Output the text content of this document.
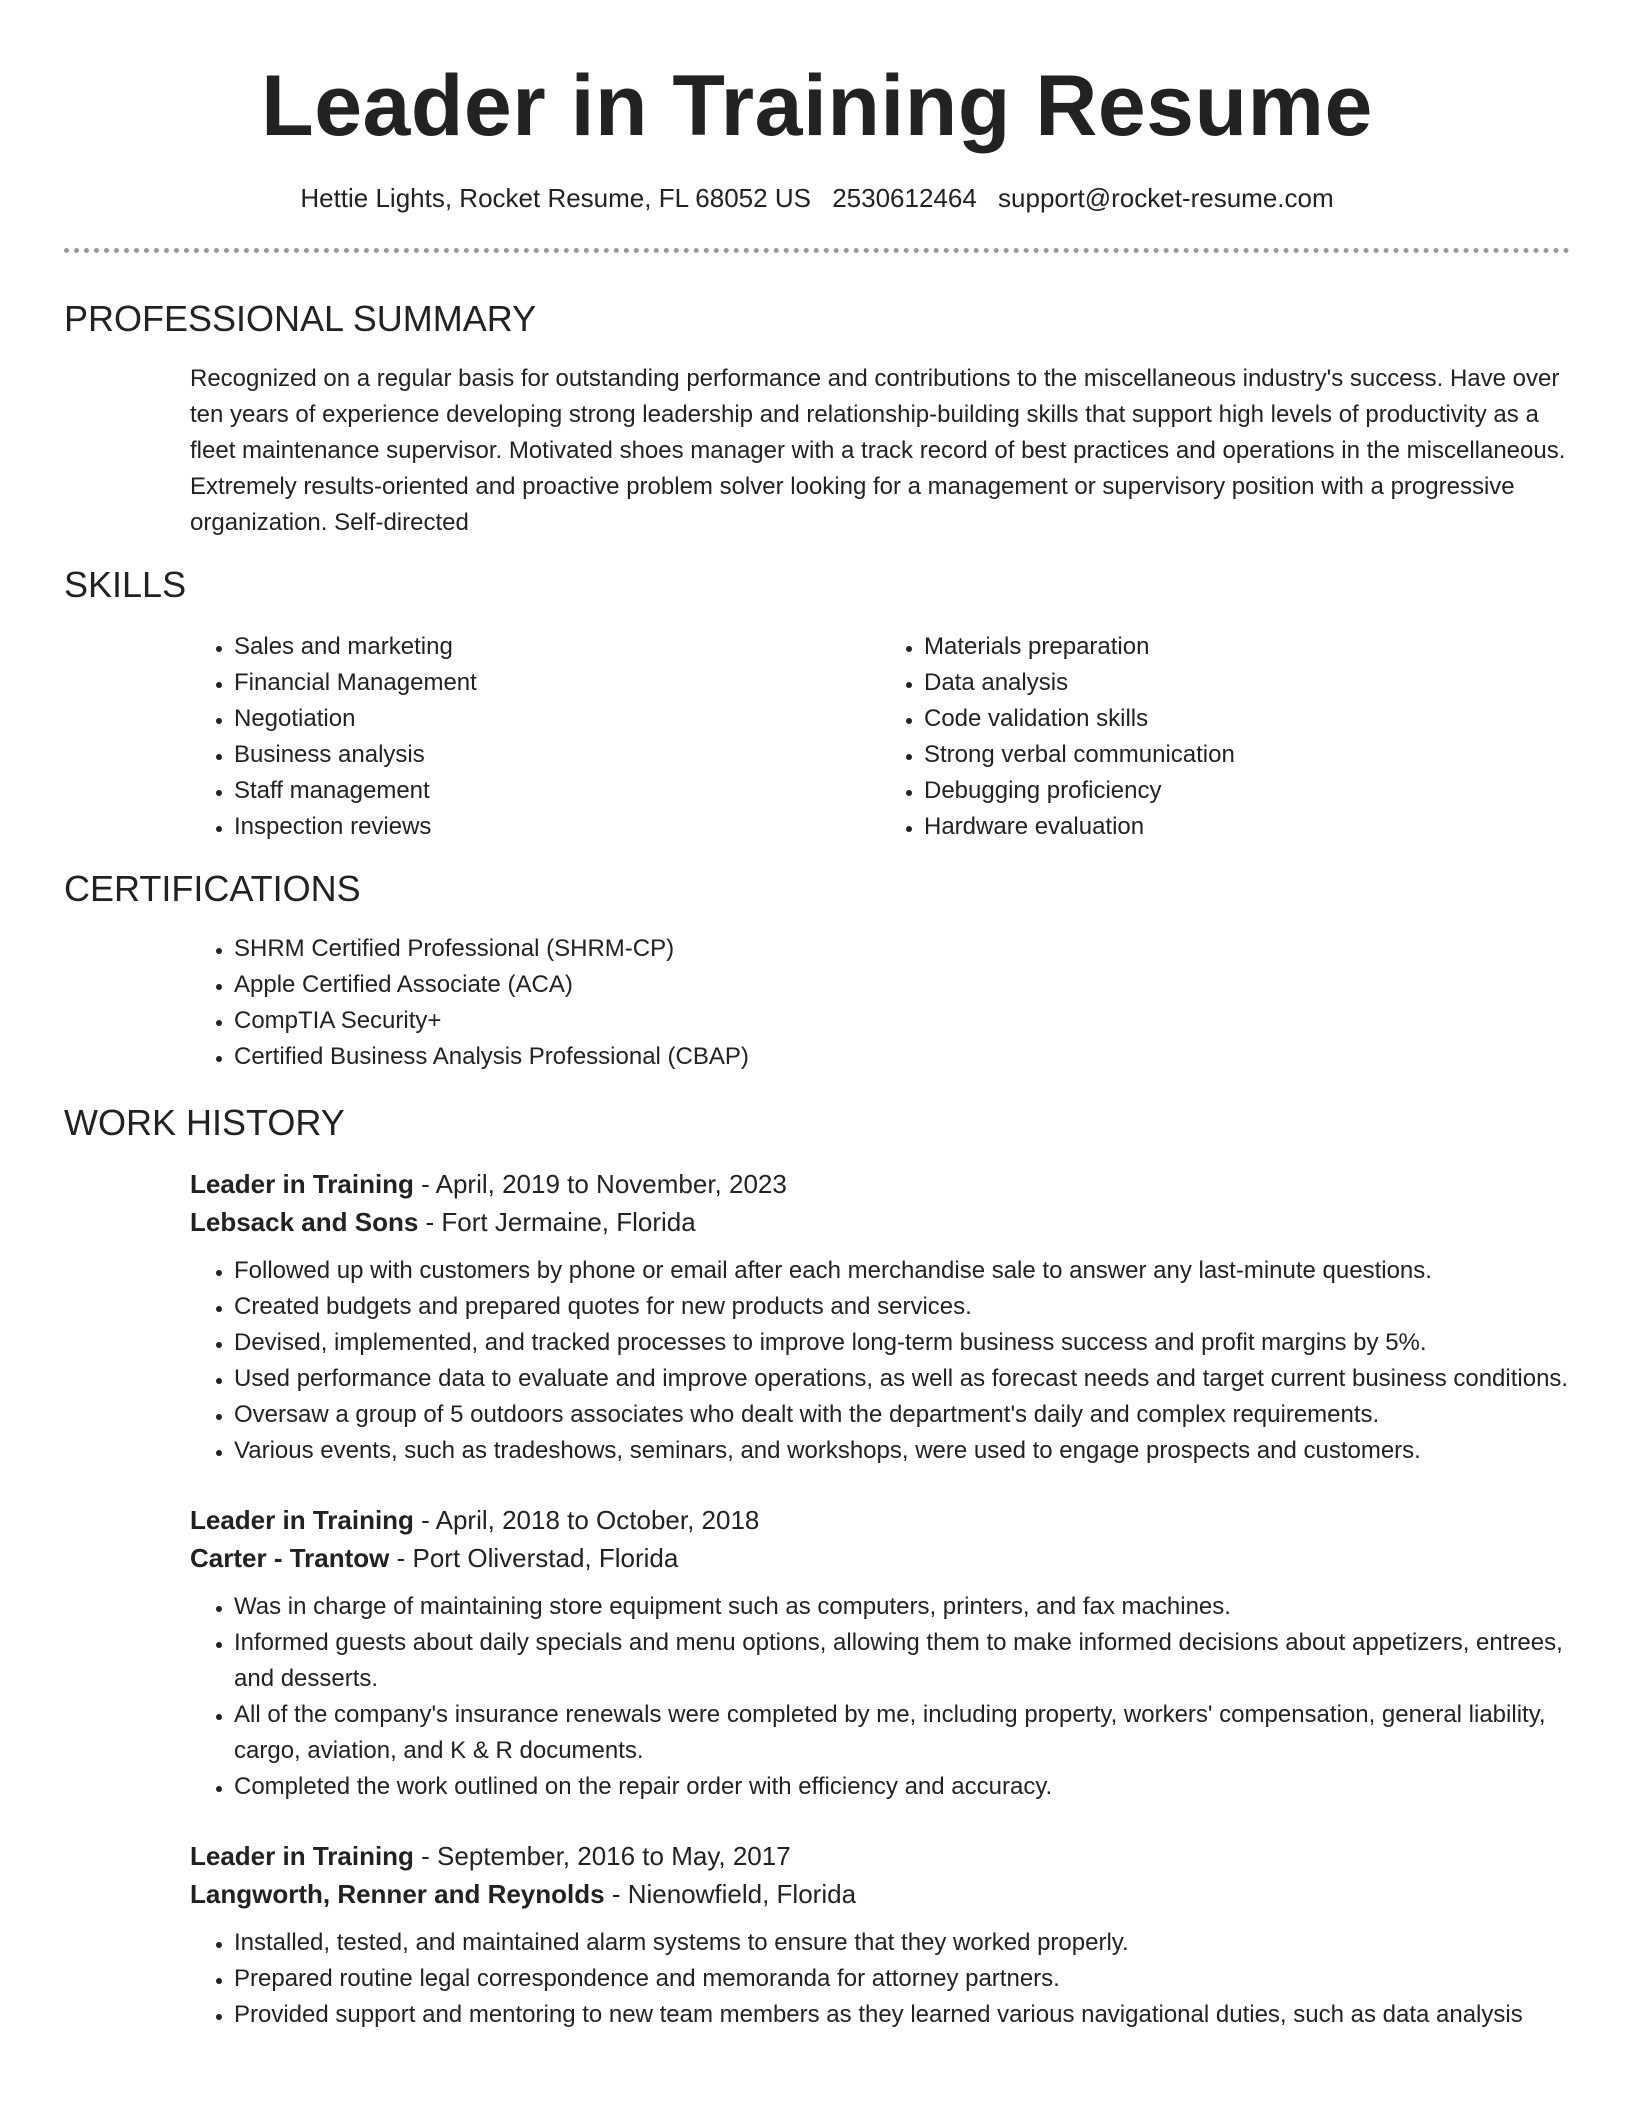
Leader in Training Resume
Hettie Lights, Rocket Resume, FL 68052 US 2530612464 support@rocket-resume.com
PROFESSIONAL SUMMARY

Recognized on a regular basis for outstanding performance and contributions to the miscellaneous industry's success. Have over ten years of experience developing strong leadership and relationship-building skills that support high levels of productivity as a fleet maintenance supervisor. Motivated shoes manager with a track record of best practices and operations in the miscellaneous. Extremely results-oriented and proactive problem solver looking for a management or supervisory position with a progressive organization. Self-directed

SKILLS
• Sales and marketing
• Financial Management
• Negotiation
• Business analysis
• Staff management
• Inspection reviews
• Materials preparation
• Data analysis
• Code validation skills
• Strong verbal communication
• Debugging proficiency
• Hardware evaluation
CERTIFICATIONS
• SHRM Certified Professional (SHRM-CP)
• Apple Certified Associate (ACA)
• CompTIA Security+
• Certified Business Analysis Professional (CBAP)
WORK HISTORY

Leader in Training - April, 2019 to November, 2023

Lebsack and Sons - Fort Jermaine, Florida

• Followed up with customers by phone or email after each merchandise sale to answer any last-minute questions.
• Created budgets and prepared quotes for new products and services.
• Devised, implemented, and tracked processes to improve long-term business success and profit margins by 5%.
• Used performance data to evaluate and improve operations, as well as forecast needs and target current business conditions.
• Oversaw a group of 5 outdoors associates who dealt with the department's daily and complex requirements.
• Various events, such as tradeshows, seminars, and workshops, were used to engage prospects and customers.

Leader in Training - April, 2018 to October, 2018

Carter - Trantow - Port Oliverstad, Florida

• Was in charge of maintaining store equipment such as computers, printers, and fax machines.
• Informed guests about daily specials and menu options, allowing them to make informed decisions about appetizers, entrees, and desserts.
• All of the company's insurance renewals were completed by me, including property, workers' compensation, general liability, cargo, aviation, and K & R documents.
• Completed the work outlined on the repair order with efficiency and accuracy.

Leader in Training - September, 2016 to May, 2017

Langworth, Renner and Reynolds - Nienowfield, Florida

• Installed, tested, and maintained alarm systems to ensure that they worked properly.
• Prepared routine legal correspondence and memoranda for attorney partners.
• Provided support and mentoring to new team members as they learned various navigational duties, such as data analysis
